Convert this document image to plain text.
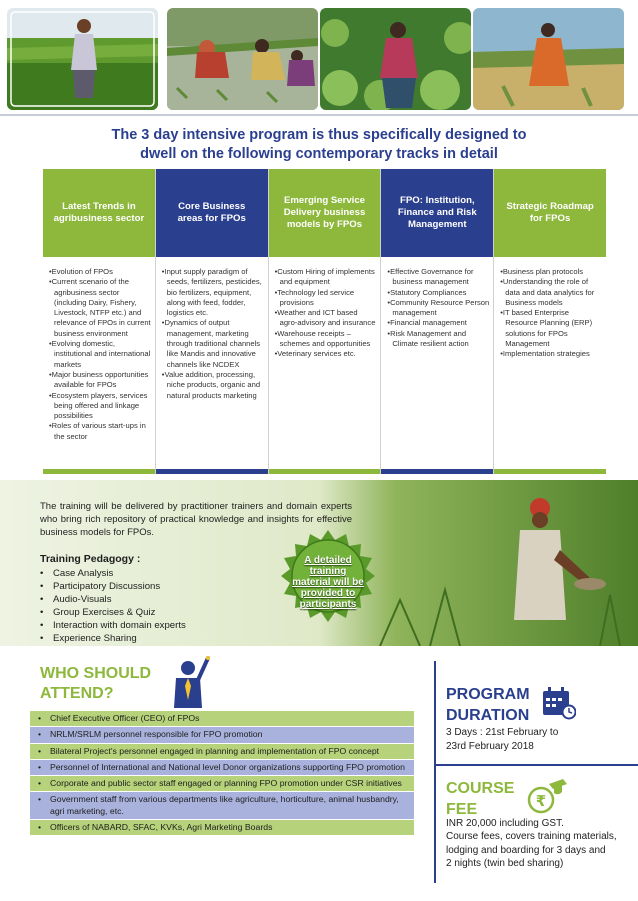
The 3 day intensive program is thus specifically designed to
dwell on the following contemporary tracks in detail
Latest Trends in agribusiness sector
• Evolution of FPOs
• Current scenario of the agribusiness sector (including Dairy, Fishery, Livestock, NTFP etc.) and relevance of FPOs in current business environment
• Evolving domestic, institutional and international markets
• Major business opportunities available for FPOs
• Ecosystem players, services being offered and linkage possibilities
• Roles of various start-ups in the sector
Core Business areas for FPOs
• Input supply paradigm of seeds, fertilizers, pesticides, bio fertilizers, equipment, along with feed, fodder, logistics etc.
• Dynamics of output management, marketing through traditional channels like Mandis and innovative channels like NCDEX
• Value addition, processing, niche products, organic and natural products marketing
Emerging Service Delivery business models by FPOs
• Custom Hiring of implements and equipment
• Technology led service provisions
• Weather and ICT based agro-advisory and insurance
• Warehouse receipts – schemes and opportunities
• Veterinary services etc.
FPO: Institution, Finance and Risk Management
• Effective Governance for business management
• Statutory Compliances
• Community Resource Person management
• Financial management
• Risk Management and Climate resilient action
Strategic Roadmap for FPOs
• Business plan protocols
• Understanding the role of data and data analytics for Business models
• IT based Enterprise Resource Planning (ERP) solutions for FPOs Management
• Implementation strategies
The training will be delivered by practitioner trainers and domain experts who bring rich repository of practical knowledge and insights for effective business models for FPOs.
Training Pedagogy :
• Case Analysis
• Participatory Discussions
• Audio-Visuals
• Group Exercises & Quiz
• Interaction with domain experts
• Experience Sharing
A detailed training material will be provided to participants
WHO SHOULD
ATTEND?
• Chief Executive Officer (CEO) of FPOs
• NRLM/SRLM personnel responsible for FPO promotion
• Bilateral Project's personnel engaged in planning and implementation of FPO concept
• Personnel of International and National level Donor organizations supporting FPO promotion
• Corporate and public sector staff engaged or planning FPO promotion under CSR initiatives
• Government staff from various departments like agriculture, horticulture, animal husbandry, agri marketing, etc.
• Officers of NABARD, SFAC, KVKs, Agri Marketing Boards
PROGRAM
DURATION
3 Days : 21st February to
23rd February 2018
COURSE
FEE	₹
INR 20,000 including GST.
Course fees, covers training materials,
lodging and boarding for 3 days and
2 nights (twin bed sharing)
